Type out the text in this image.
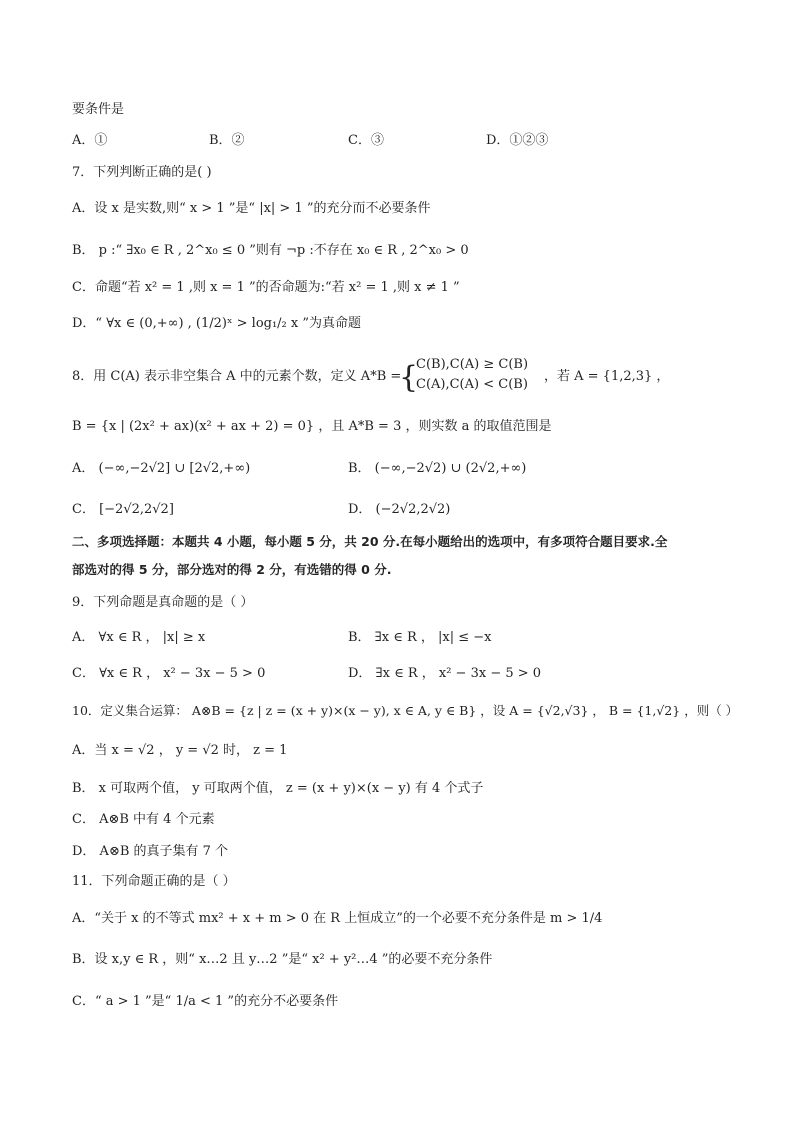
要条件是
A．①	B．②	C．③	D．①②③
7．下列判断正确的是( )
A．设 x 是实数,则“ x > 1 ”是“ |x| > 1 ”的充分而不必要条件
B． p :“ ∃x₀ ∈ R , 2^x₀ ≤ 0 ”则有 ¬p :不存在 x₀ ∈ R , 2^x₀ > 0
C．命题“若 x² = 1 ,则 x = 1 ”的否命题为:“若 x² = 1 ,则 x ≠ 1 ”
D．“ ∀x ∈ (0,+∞) , (1/2)ˣ > log₁/₂ x ”为真命题
8．用 C(A) 表示非空集合 A 中的元素个数，定义 A*B =
{
C(B),C(A) ≥ C(B)
C(A),C(A) < C(B)
，若 A = {1,2,3} ，
B = {x | (2x² + ax)(x² + ax + 2) = 0} ，且 A*B = 3 ，则实数 a 的取值范围是
A． (−∞,−2√2] ∪ [2√2,+∞)	B． (−∞,−2√2) ∪ (2√2,+∞)
C． [−2√2,2√2]	D． (−2√2,2√2)
二、多项选择题：本题共 4 小题，每小题 5 分，共 20 分.在每小题给出的选项中，有多项符合题目要求.全
部选对的得 5 分，部分选对的得 2 分，有选错的得 0 分.
9．下列命题是真命题的是（ ）
A． ∀x ∈ R ， |x| ≥ x	B． ∃x ∈ R ， |x| ≤ −x
C． ∀x ∈ R ， x² − 3x − 5 > 0	D． ∃x ∈ R ， x² − 3x − 5 > 0
10．定义集合运算： A⊗B = {z | z = (x + y)×(x − y), x ∈ A, y ∈ B} ，设 A = {√2,√3} ， B = {1,√2} ，则（ ）
A．当 x = √2 ， y = √2 时， z = 1
B． x 可取两个值， y 可取两个值， z = (x + y)×(x − y) 有 4 个式子
C． A⊗B 中有 4 个元素
D． A⊗B 的真子集有 7 个
11．下列命题正确的是（ ）
A．“关于 x 的不等式 mx² + x + m > 0 在 R 上恒成立”的一个必要不充分条件是 m > 1/4
B．设 x,y ∈ R ，则“ x…2 且 y…2 ”是“ x² + y²…4 ”的必要不充分条件
C．“ a > 1 ”是“ 1/a < 1 ”的充分不必要条件
